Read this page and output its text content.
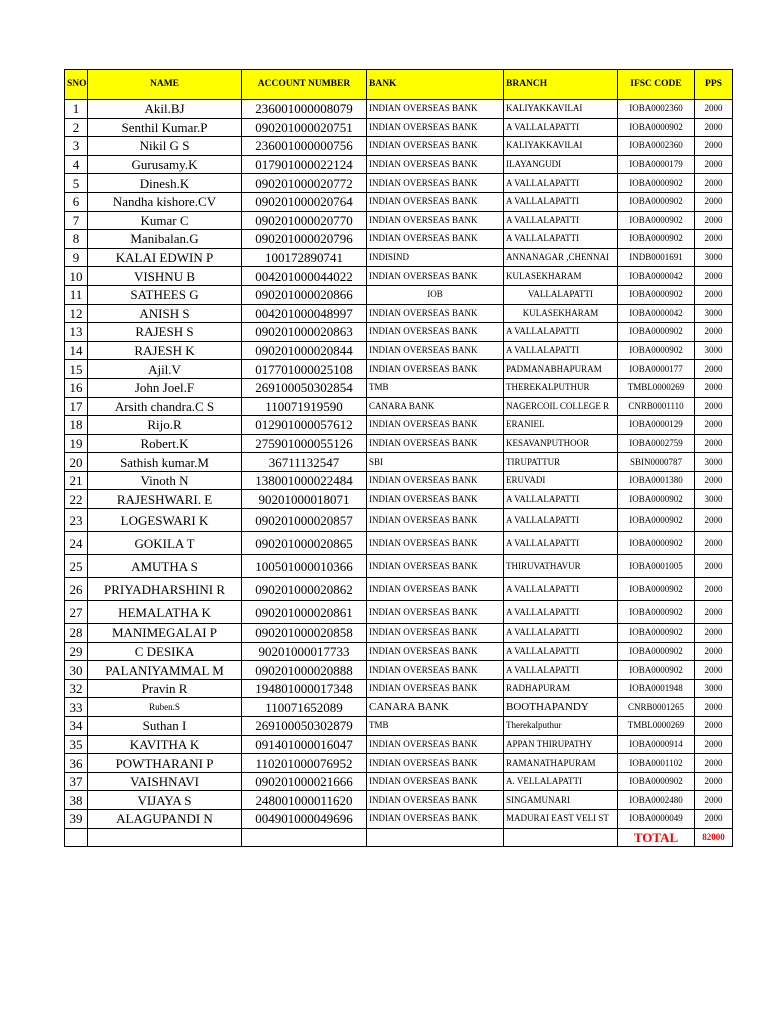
SNO	NAME	ACCOUNT NUMBER	BANK	BRANCH	IFSC CODE	PPS
1	Akil.BJ	236001000008079	INDIAN OVERSEAS BANK	KALIYAKKAVILAI	IOBA0002360	2000
2	Senthil Kumar.P	090201000020751	INDIAN OVERSEAS BANK	A VALLALAPATTI	IOBA0000902	2000
3	Nikil G S	236001000000756	INDIAN OVERSEAS BANK	KALIYAKKAVILAI	IOBA0002360	2000
4	Gurusamy.K	017901000022124	INDIAN OVERSEAS BANK	ILAYANGUDI	IOBA0000179	2000
5	Dinesh.K	090201000020772	INDIAN OVERSEAS BANK	A VALLALAPATTI	IOBA0000902	2000
6	Nandha kishore.CV	090201000020764	INDIAN OVERSEAS BANK	A VALLALAPATTI	IOBA0000902	2000
7	Kumar C	090201000020770	INDIAN OVERSEAS BANK	A VALLALAPATTI	IOBA0000902	2000
8	Manibalan.G	090201000020796	INDIAN OVERSEAS BANK	A VALLALAPATTI	IOBA0000902	2000
9	KALAI EDWIN P	100172890741	INDISIND	ANNANAGAR ,CHENNAI	INDB0001691	3000
10	VISHNU B	004201000044022	INDIAN OVERSEAS BANK	KULASEKHARAM	IOBA0000042	2000
11	SATHEES G	090201000020866	IOB	VALLALAPATTI	IOBA0000902	2000
12	ANISH S	004201000048997	INDIAN OVERSEAS BANK	KULASEKHARAM	IOBA0000042	3000
13	RAJESH S	090201000020863	INDIAN OVERSEAS BANK	A VALLALAPATTI	IOBA0000902	2000
14	RAJESH K	090201000020844	INDIAN OVERSEAS BANK	A VALLALAPATTI	IOBA0000902	3000
15	Ajil.V	017701000025108	INDIAN OVERSEAS BANK	PADMANABHAPURAM	IOBA0000177	2000
16	John Joel.F	269100050302854	TMB	THEREKALPUTHUR	TMBL0000269	2000
17	Arsith chandra.C S	110071919590	CANARA BANK	NAGERCOIL COLLEGE R	CNRB0001110	2000
18	Rijo.R	012901000057612	INDIAN OVERSEAS BANK	ERANIEL	IOBA0000129	2000
19	Robert.K	275901000055126	INDIAN OVERSEAS BANK	KESAVANPUTHOOR	IOBA0002759	2000
20	Sathish kumar.M	36711132547	SBI	TIRUPATTUR	SBIN0000787	3000
21	Vinoth N	138001000022484	INDIAN OVERSEAS BANK	ERUVADI	IOBA0001380	2000
22	RAJESHWARI. E	90201000018071	INDIAN OVERSEAS BANK	A VALLALAPATTI	IOBA0000902	3000
23	LOGESWARI K	090201000020857	INDIAN OVERSEAS BANK	A VALLALAPATTI	IOBA0000902	2000
24	GOKILA T	090201000020865	INDIAN OVERSEAS BANK	A VALLALAPATTI	IOBA0000902	2000
25	AMUTHA S	100501000010366	INDIAN OVERSEAS BANK	THIRUVATHAVUR	IOBA0001005	2000
26	PRIYADHARSHINI R	090201000020862	INDIAN OVERSEAS BANK	A VALLALAPATTI	IOBA0000902	2000
27	HEMALATHA K	090201000020861	INDIAN OVERSEAS BANK	A VALLALAPATTI	IOBA0000902	2000
28	MANIMEGALAI P	090201000020858	INDIAN OVERSEAS BANK	A VALLALAPATTI	IOBA0000902	2000
29	C DESIKA	90201000017733	INDIAN OVERSEAS BANK	A VALLALAPATTI	IOBA0000902	2000
30	PALANIYAMMAL M	090201000020888	INDIAN OVERSEAS BANK	A VALLALAPATTI	IOBA0000902	2000
32	Pravin R	194801000017348	INDIAN OVERSEAS BANK	RADHAPURAM	IOBA0001948	3000
33	Ruben.S	110071652089	CANARA BANK	BOOTHAPANDY	CNRB0001265	2000
34	Suthan I	269100050302879	TMB	Therekalputhur	TMBL0000269	2000
35	KAVITHA K	091401000016047	INDIAN OVERSEAS BANK	APPAN THIRUPATHY	IOBA0000914	2000
36	POWTHARANI P	110201000076952	INDIAN OVERSEAS BANK	RAMANATHAPURAM	IOBA0001102	2000
37	VAISHNAVI	090201000021666	INDIAN OVERSEAS BANK	A. VELLALAPATTI	IOBA0000902	2000
38	VIJAYA S	248001000011620	INDIAN OVERSEAS BANK	SINGAMUNARI	IOBA0002480	2000
39	ALAGUPANDI N	004901000049696	INDIAN OVERSEAS BANK	MADURAI EAST VELI ST	IOBA0000049	2000
					TOTAL	82000
